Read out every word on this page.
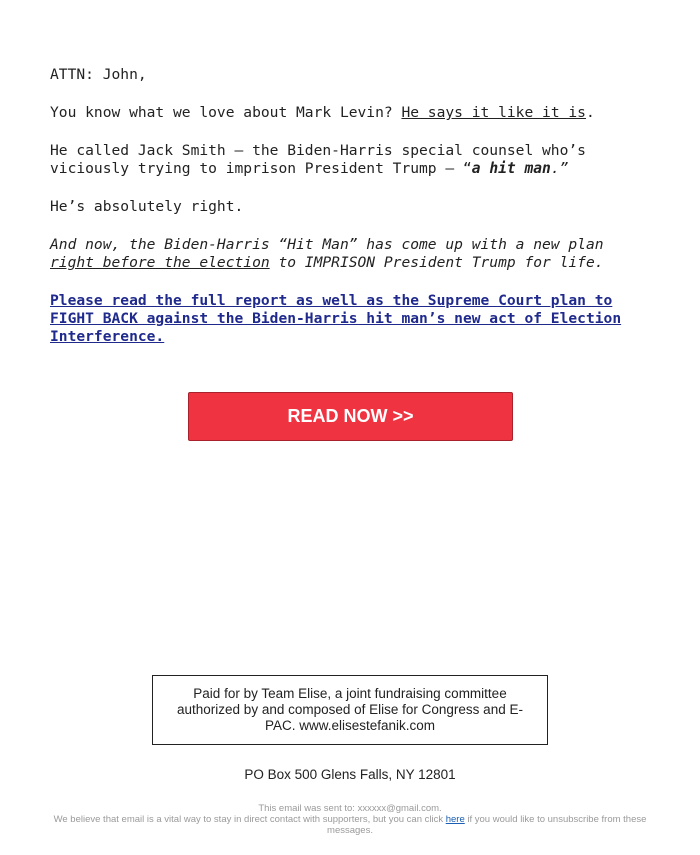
ATTN: John,

You know what we love about Mark Levin? He says it like it is.

He called Jack Smith – the Biden-Harris special counsel who’s viciously trying to imprison President Trump – “a hit man.”

He’s absolutely right.

And now, the Biden-Harris “Hit Man” has come up with a new plan right before the election to IMPRISON President Trump for life.

Please read the full report as well as the Supreme Court plan to FIGHT BACK against the Biden-Harris hit man’s new act of Election Interference.

READ NOW >>
Paid for by Team Elise, a joint fundraising committee authorized by and composed of Elise for Congress and E-PAC. www.elisestefanik.com
PO Box 500 Glens Falls, NY 12801
This email was sent to: xxxxxx@gmail.com.
We believe that email is a vital way to stay in direct contact with supporters, but you can click here if you would like to unsubscribe from these messages.
